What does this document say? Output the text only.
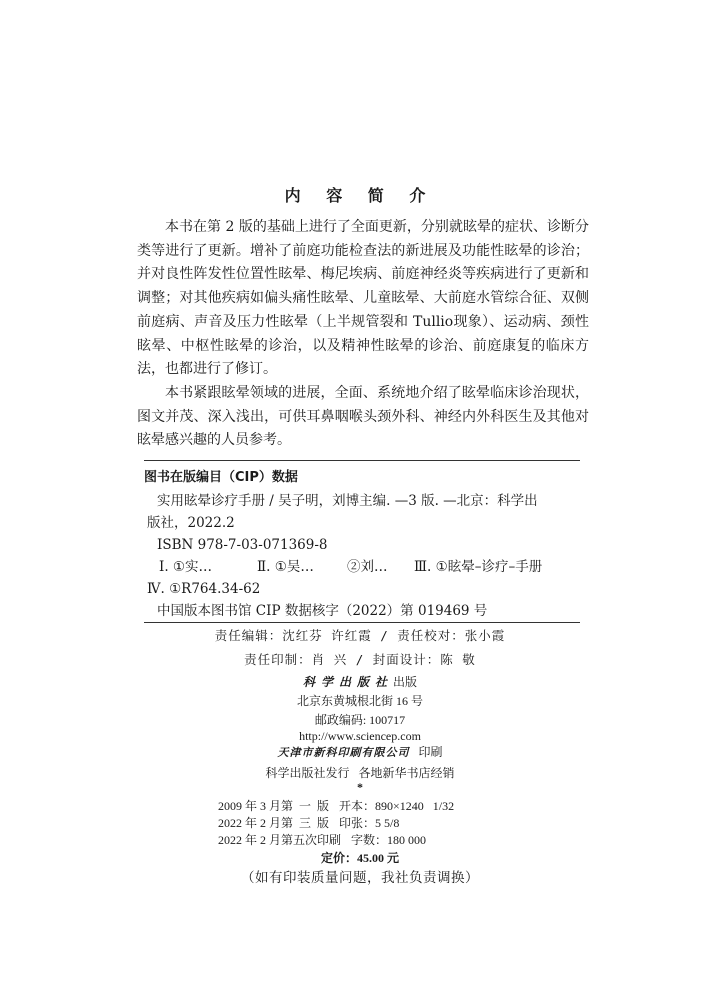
内 容 简 介

本书在第 2 版的基础上进行了全面更新，分别就眩晕的症状、诊断分类等进行了更新。增补了前庭功能检查法的新进展及功能性眩晕的诊治；并对良性阵发性位置性眩晕、梅尼埃病、前庭神经炎等疾病进行了更新和调整；对其他疾病如偏头痛性眩晕、儿童眩晕、大前庭水管综合征、双侧前庭病、声音及压力性眩晕（上半规管裂和 Tullio现象）、运动病、颈性眩晕、中枢性眩晕的诊治，以及精神性眩晕的诊治、前庭康复的临床方法，也都进行了修订。

本书紧跟眩晕领域的进展，全面、系统地介绍了眩晕临床诊治现状，图文并茂、深入浅出，可供耳鼻咽喉头颈外科、神经内外科医生及其他对眩晕感兴趣的人员参考。

图书在版编目（CIP）数据
实用眩晕诊疗手册 / 吴子明，刘博主编. —3 版. —北京：科学出
版社，2022.2
ISBN 978-7-03-071369-8
Ⅰ. ①实…	Ⅱ. ①吴… ②刘… Ⅲ. ①眩晕–诊疗–手册
Ⅳ. ①R764.34-62
中国版本图书馆 CIP 数据核字（2022）第 019469 号
责任编辑：沈红芬 许红霞 / 责任校对：张小霞
责任印制：肖 兴 / 封面设计：陈 敬
科学出版社出版
北京东黄城根北街 16 号
邮政编码: 100717
http://www.sciencep.com
天津市新科印刷有限公司 印刷
科学出版社发行   各地新华书店经销
*
2009 年 3 月第  一  版 开本：890×1240   1/32
2022 年 2 月第  三  版 印张：5 5/8
2022 年 2 月第五次印刷 字数：180 000
定价：45.00 元
（如有印装质量问题，我社负责调换）
